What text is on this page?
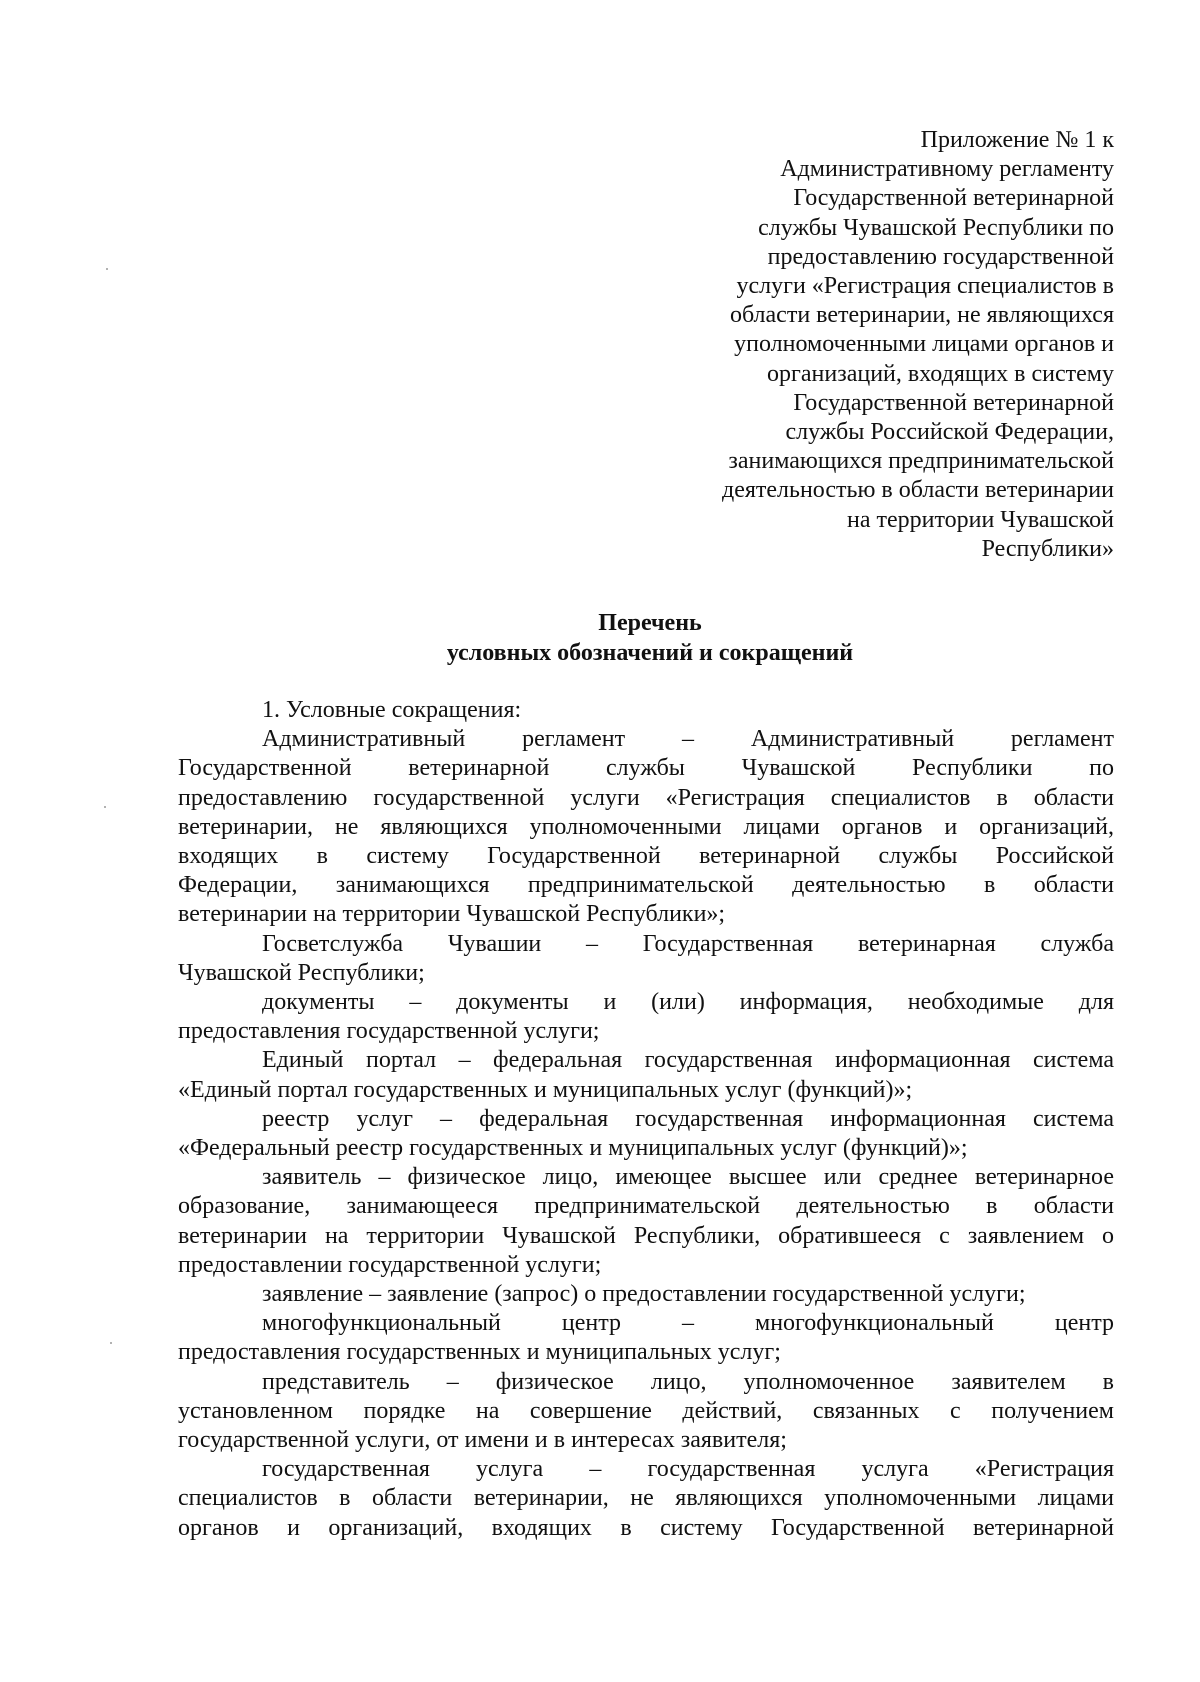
Приложение № 1 к
Административному регламенту
Государственной ветеринарной
службы Чувашской Республики по
предоставлению государственной
услуги «Регистрация специалистов в
области ветеринарии, не являющихся
уполномоченными лицами органов и
организаций, входящих в систему
Государственной ветеринарной
службы Российской Федерации,
занимающихся предпринимательской
деятельностью в области ветеринарии
на территории Чувашской
Республики»
Перечень
условных обозначений и сокращений
1. Условные сокращения:
Административный регламент – Административный регламент
Государственной ветеринарной службы Чувашской Республики по
предоставлению государственной услуги «Регистрация специалистов в области
ветеринарии, не являющихся уполномоченными лицами органов и организаций,
входящих в систему Государственной ветеринарной службы Российской
Федерации, занимающихся предпринимательской деятельностью в области
ветеринарии на территории Чувашской Республики»;
Госветслужба Чувашии – Государственная ветеринарная служба
Чувашской Республики;
документы – документы и (или) информация, необходимые для
предоставления государственной услуги;
Единый портал – федеральная государственная информационная система
«Единый портал государственных и муниципальных услуг (функций)»;
реестр услуг – федеральная государственная информационная система
«Федеральный реестр государственных и муниципальных услуг (функций)»;
заявитель – физическое лицо, имеющее высшее или среднее ветеринарное
образование, занимающееся предпринимательской деятельностью в области
ветеринарии на территории Чувашской Республики, обратившееся с заявлением о
предоставлении государственной услуги;
заявление – заявление (запрос) о предоставлении государственной услуги;
многофункциональный центр – многофункциональный центр
предоставления государственных и муниципальных услуг;
представитель – физическое лицо, уполномоченное заявителем в
установленном порядке на совершение действий, связанных с получением
государственной услуги, от имени и в интересах заявителя;
государственная услуга – государственная услуга «Регистрация
специалистов в области ветеринарии, не являющихся уполномоченными лицами
органов и организаций, входящих в систему Государственной ветеринарной
